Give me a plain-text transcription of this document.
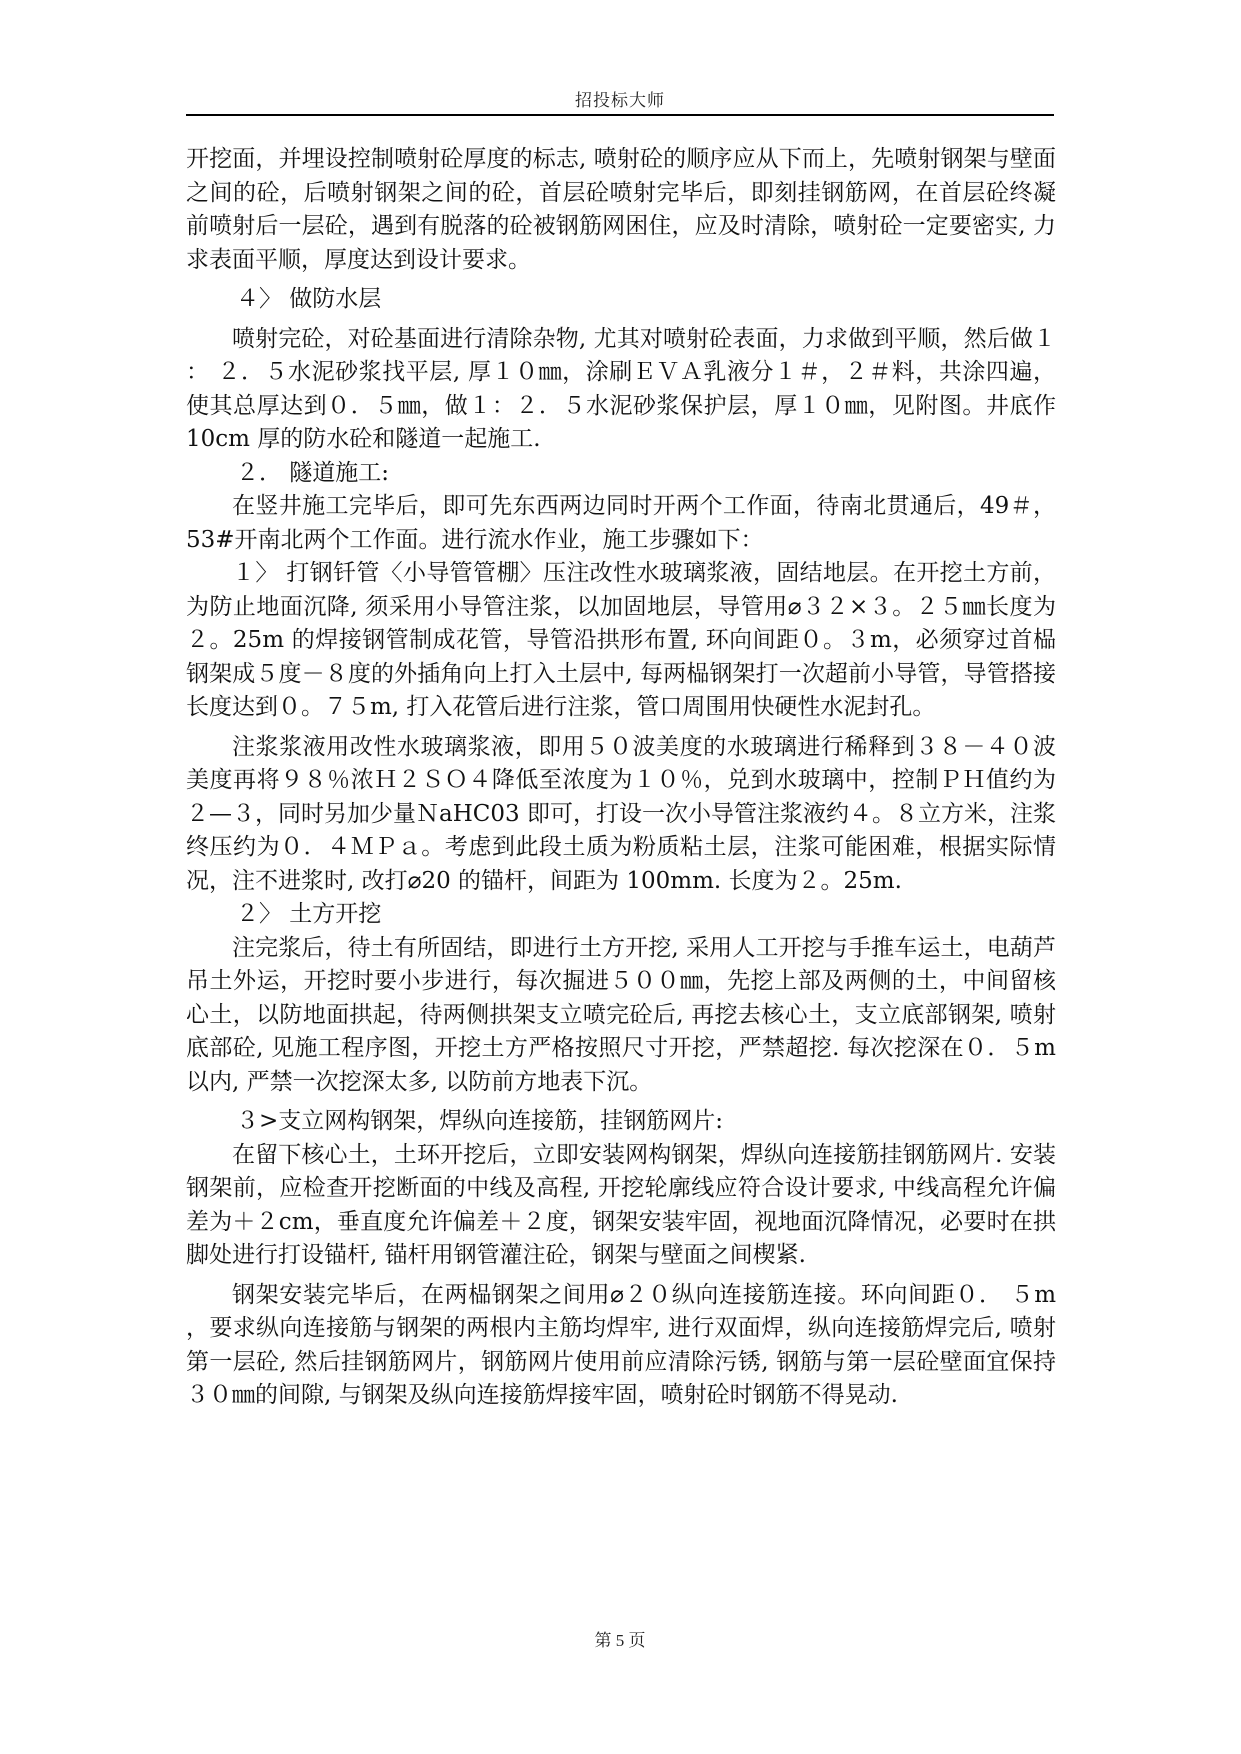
招投标大师

开挖面，并埋设控制喷射砼厚度的标志, 喷射砼的顺序应从下而上，先喷射钢架与壁面之间的砼，后喷射钢架之间的砼，首层砼喷射完毕后，即刻挂钢筋网，在首层砼终凝前喷射后一层砼，遇到有脱落的砼被钢筋网困住，应及时清除，喷射砼一定要密实, 力求表面平顺，厚度达到设计要求。

４〉 做防水层

喷射完砼，对砼基面进行清除杂物, 尤其对喷射砼表面，力求做到平顺，然后做１： ２．５水泥砂浆找平层, 厚１０㎜，涂刷ＥＶＡ乳液分１＃，２＃料，共涂四遍，使其总厚达到０．５㎜，做１：２．５水泥砂浆保护层，厚１０㎜，见附图。井底作 10cm 厚的防水砼和隧道一起施工.

２． 隧道施工:

在竖井施工完毕后，即可先东西两边同时开两个工作面，待南北贯通后，49＃，53#开南北两个工作面。进行流水作业，施工步骤如下：

１〉 打钢钎管〈小导管管棚〉压注改性水玻璃浆液，固结地层。在开挖土方前，为防止地面沉降, 须采用小导管注浆，以加固地层，导管用⌀３２×３。２５㎜长度为２。25m 的焊接钢管制成花管，导管沿拱形布置, 环向间距０。３m，必须穿过首榀钢架成５度－８度的外插角向上打入土层中, 每两榀钢架打一次超前小导管，导管搭接长度达到０。７５m, 打入花管后进行注浆，管口周围用快硬性水泥封孔。

注浆浆液用改性水玻璃浆液，即用５０波美度的水玻璃进行稀释到３８－４０波美度再将９８％浓Ｈ２ＳＯ４降低至浓度为１０％，兑到水玻璃中，控制ＰＨ值约为２—３，同时另加少量ＮaHC03 即可，打设一次小导管注浆液约４。８立方米，注浆终压约为０．４ＭＰａ。考虑到此段土质为粉质粘土层，注浆可能困难，根据实际情况，注不进浆时, 改打⌀20 的锚杆，间距为 100mm. 长度为２。25m.

２〉 土方开挖

注完浆后，待土有所固结，即进行土方开挖, 采用人工开挖与手推车运土，电葫芦吊土外运，开挖时要小步进行，每次掘进５００㎜，先挖上部及两侧的土，中间留核心土，以防地面拱起，待两侧拱架支立喷完砼后, 再挖去核心土，支立底部钢架, 喷射底部砼, 见施工程序图，开挖土方严格按照尺寸开挖，严禁超挖. 每次挖深在０．５m 以内, 严禁一次挖深太多, 以防前方地表下沉。

３>支立网构钢架，焊纵向连接筋，挂钢筋网片:

在留下核心土，土环开挖后，立即安装网构钢架，焊纵向连接筋挂钢筋网片. 安装钢架前，应检查开挖断面的中线及高程, 开挖轮廓线应符合设计要求, 中线高程允许偏差为＋２cm，垂直度允许偏差＋２度，钢架安装牢固，视地面沉降情况，必要时在拱脚处进行打设锚杆, 锚杆用钢管灌注砼，钢架与壁面之间楔紧.

钢架安装完毕后，在两榀钢架之间用⌀２０纵向连接筋连接。环向间距０． ５m，要求纵向连接筋与钢架的两根内主筋均焊牢, 进行双面焊，纵向连接筋焊完后, 喷射第一层砼, 然后挂钢筋网片，钢筋网片使用前应清除污锈, 钢筋与第一层砼壁面宜保持３０㎜的间隙, 与钢架及纵向连接筋焊接牢固，喷射砼时钢筋不得晃动.

第 5 页
